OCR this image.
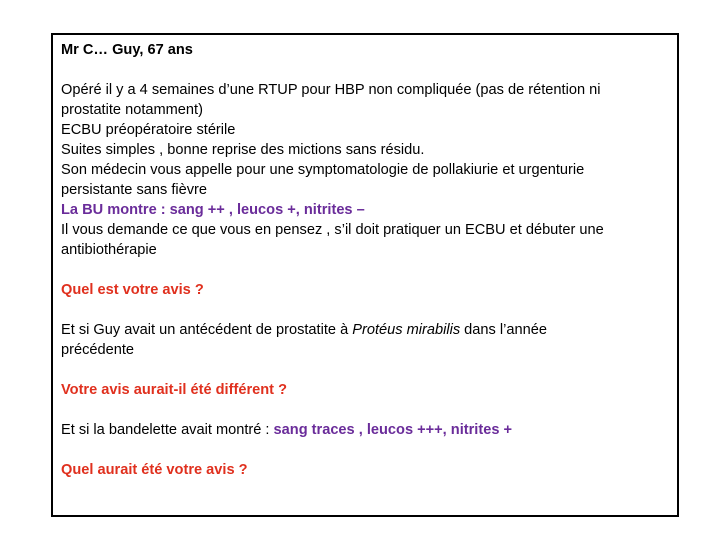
Mr C… Guy, 67 ans

Opéré il y a 4 semaines d’une RTUP pour HBP non compliquée (pas de rétention ni

prostatite notamment)

ECBU préopératoire stérile

Suites simples , bonne reprise des mictions sans résidu.

Son médecin vous appelle pour une symptomatologie de pollakiurie et urgenturie

persistante sans fièvre

La BU montre : sang ++ , leucos +, nitrites –

Il vous demande ce que vous en pensez , s’il doit pratiquer un ECBU et débuter une

antibiothérapie

Quel est votre avis ?

Et si Guy avait un antécédent de prostatite à Protéus mirabilis dans l’année

précédente

Votre avis aurait-il été différent ?

Et si la bandelette avait montré : sang traces , leucos +++, nitrites +

Quel aurait été votre avis ?
